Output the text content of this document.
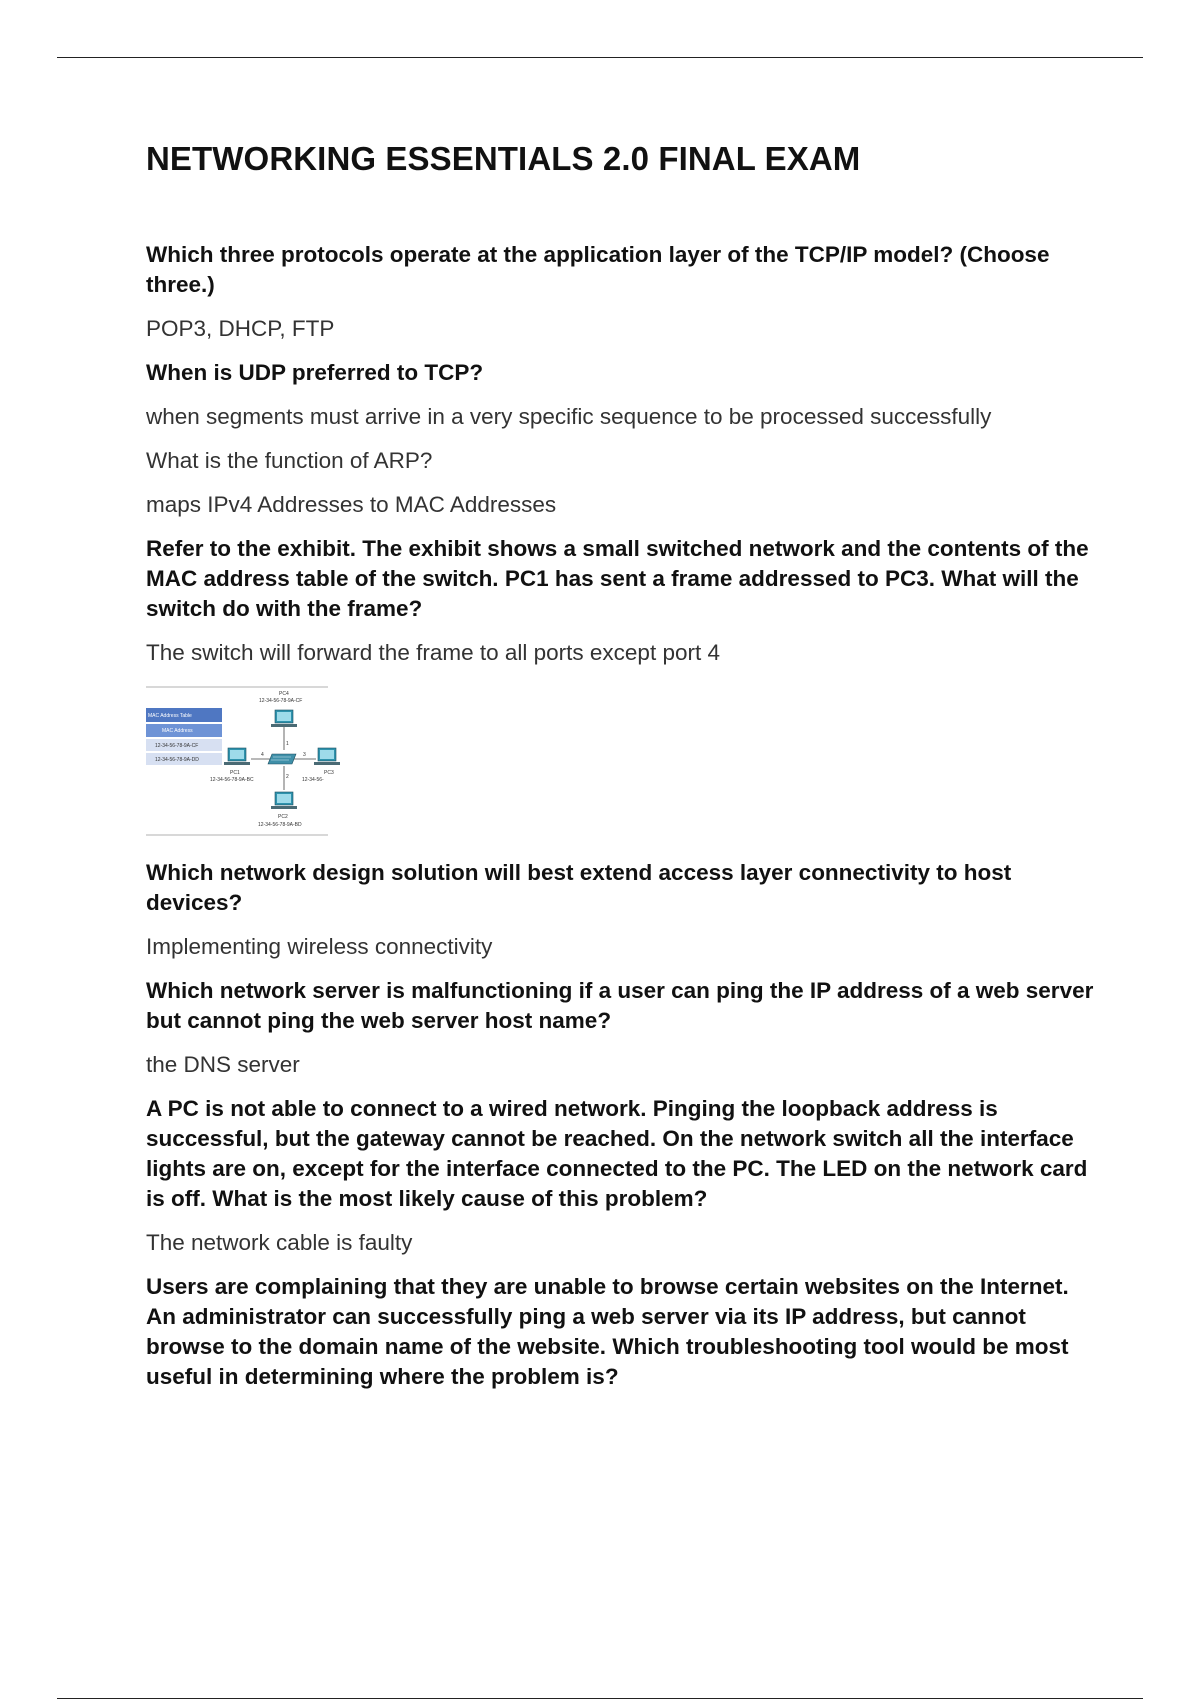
NETWORKING ESSENTIALS 2.0 FINAL EXAM

Which three protocols operate at the application layer of the TCP/IP model? (Choose three.)

POP3, DHCP, FTP

When is UDP preferred to TCP?

when segments must arrive in a very specific sequence to be processed successfully

What is the function of ARP?

maps IPv4 Addresses to MAC Addresses

Refer to the exhibit. The exhibit shows a small switched network and the contents of the MAC address table of the switch. PC1 has sent a frame addressed to PC3. What will the switch do with the frame?

The switch will forward the frame to all ports except port 4

MAC Address Table
MAC Address
12-34-56-78-9A-CF
12-34-56-78-9A-DD
1
4	3
2
PC4
12-34-56-78-9A-CF
PC1
12-34-56-78-9A-BC
PC3
12-34-56-
PC2
12-34-56-78-9A-BD

Which network design solution will best extend access layer connectivity to host devices?

Implementing wireless connectivity

Which network server is malfunctioning if a user can ping the IP address of a web server but cannot ping the web server host name?

the DNS server

A PC is not able to connect to a wired network. Pinging the loopback address is successful, but the gateway cannot be reached. On the network switch all the interface lights are on, except for the interface connected to the PC. The LED on the network card is off. What is the most likely cause of this problem?

The network cable is faulty

Users are complaining that they are unable to browse certain websites on the Internet. An administrator can successfully ping a web server via its IP address, but cannot browse to the domain name of the website. Which troubleshooting tool would be most useful in determining where the problem is?
